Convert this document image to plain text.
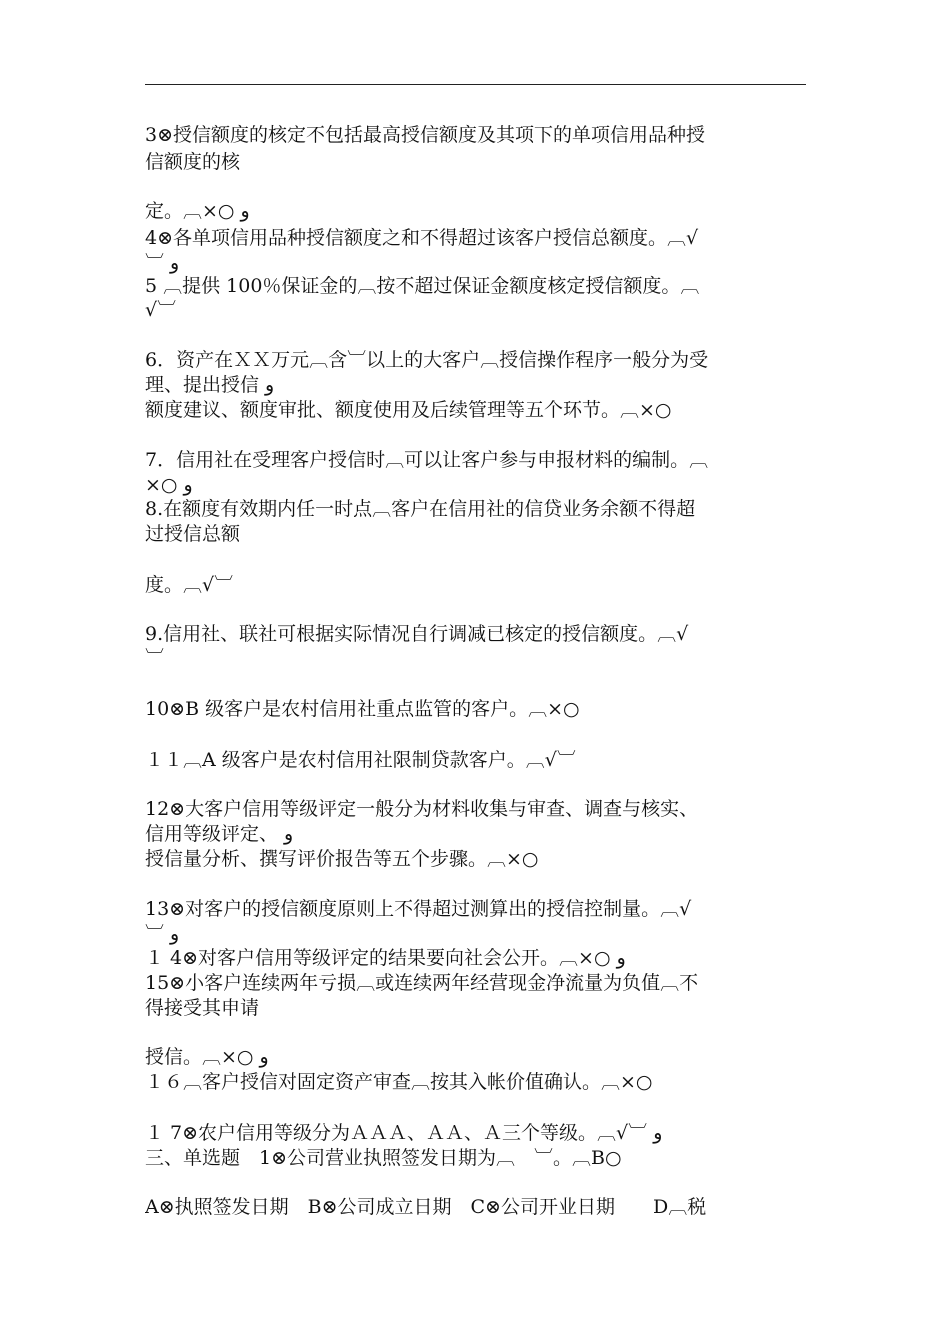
3⊗授信额度的核定不包括最高授信额度及其项下的单项信用品种授
信额度的核
定。︹×○ و
4⊗各单项信用品种授信额度之和不得超过该客户授信总额度。︹√
︺ و
5 ︹提供 100％保证金的︹按不超过保证金额度核定授信额度。︹
√︺
6．资产在ＸＸ万元︹含︺以上的大客户︹授信操作程序一般分为受
理、提出授信 و
额度建议、额度审批、额度使用及后续管理等五个环节。︹×○
7．信用社在受理客户授信时︹可以让客户参与申报材料的编制。︹
×○ و
8.在额度有效期内任一时点︹客户在信用社的信贷业务余额不得超
过授信总额
度。︹√︺
9.信用社、联社可根据实际情况自行调减已核定的授信额度。︹√
︺
10⊗B 级客户是农村信用社重点监管的客户。︹×○
１１︹A 级客户是农村信用社限制贷款客户。︹√︺
12⊗大客户信用等级评定一般分为材料收集与审查、调查与核实、
信用等级评定、 و
授信量分析、撰写评价报告等五个步骤。︹×○
13⊗对客户的授信额度原则上不得超过测算出的授信控制量。︹√
︺ و
１ 4⊗对客户信用等级评定的结果要向社会公开。︹×○ و
15⊗小客户连续两年亏损︹或连续两年经营现金净流量为负值︹不
得接受其申请
授信。︹×○ و
１６︹客户授信对固定资产审查︹按其入帐价值确认。︹×○
１ 7⊗农户信用等级分为ＡＡＡ、ＡＡ、Ａ三个等级。︹√︺ و
三、单选题　1⊗公司营业执照签发日期为︹　︺。︹B○
A⊗执照签发日期　B⊗公司成立日期　C⊗公司开业日期　　D︹税
